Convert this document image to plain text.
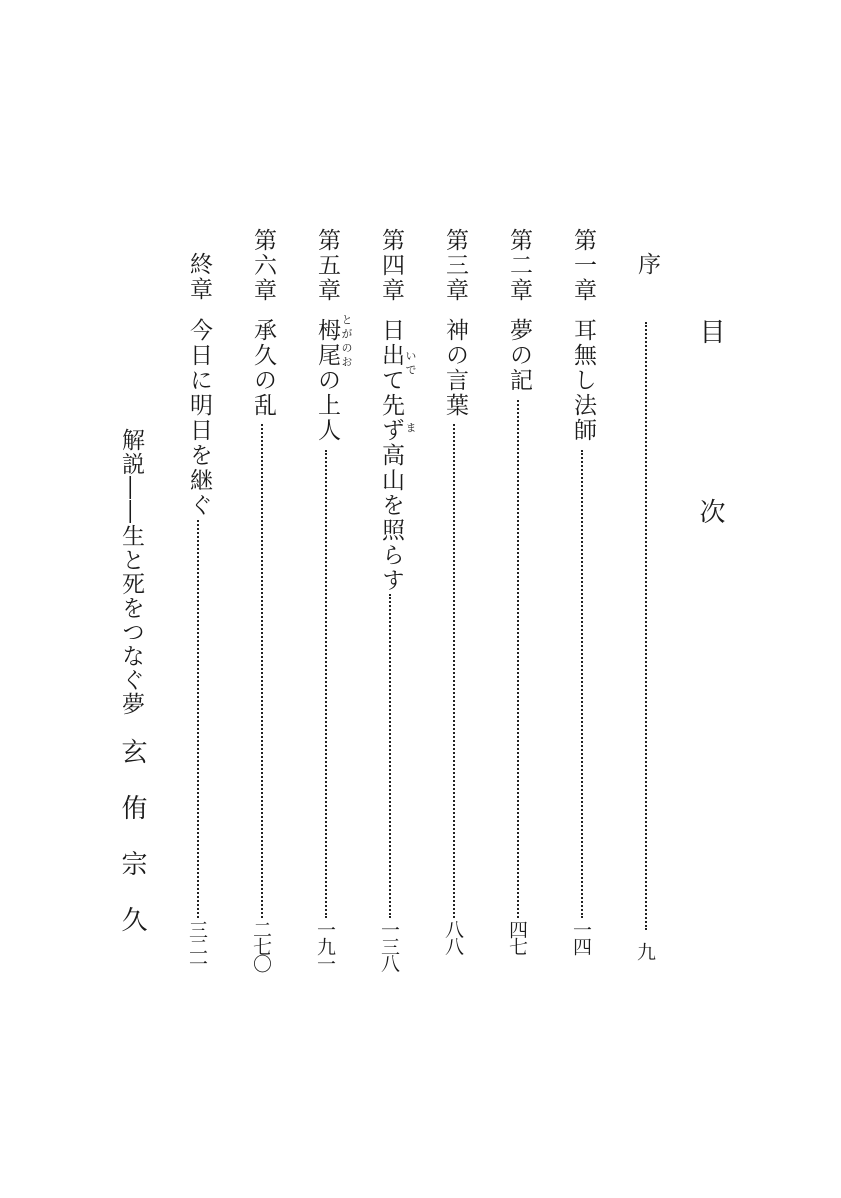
目　次
序
九
第一章
耳無し法師
一四
第二章
夢の記
四七
第三章
神の言葉
八八
第四章
いで
ま
日出て先ず高山を照らす
一三八
第五章
とがのお
栂尾の上人
一九一
第六章
承久の乱
二七〇
終章
今日に明日を継ぐ
三二一
解説――生と死をつなぐ夢
玄侑宗久
